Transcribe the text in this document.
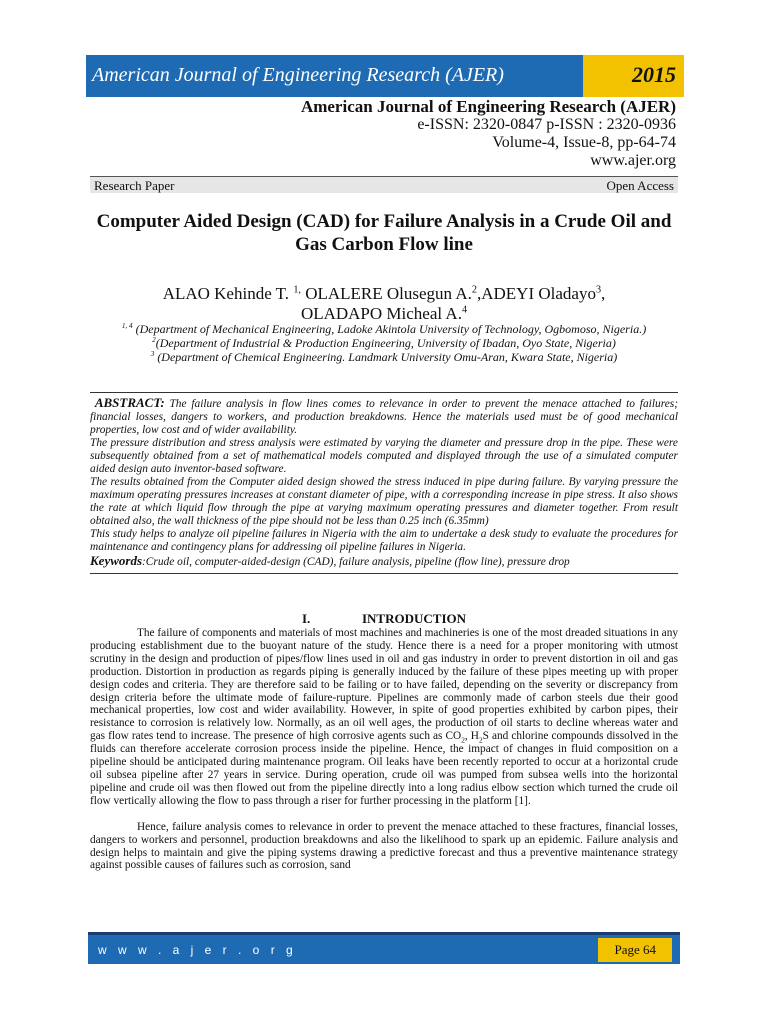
American Journal of Engineering Research (AJER)	2015
American Journal of Engineering Research (AJER)
e-ISSN: 2320-0847 p-ISSN : 2320-0936
Volume-4, Issue-8, pp-64-74
www.ajer.org
Research Paper	Open Access
Computer Aided Design (CAD) for Failure Analysis in a Crude Oil and Gas Carbon Flow line
ALAO Kehinde T. $^{1,}$ OLALERE Olusegun A.$^2$,ADEYI Oladayo$^3$,
OLADAPO Micheal A.$^4$
$^{1, 4}$ (Department of Mechanical Engineering, Ladoke Akintola University of Technology, Ogbomoso, Nigeria.)
$^2$(Department of Industrial & Production Engineering, University of Ibadan, Oyo State, Nigeria)
$^3$ (Department of Chemical Engineering. Landmark University Omu-Aran, Kwara State, Nigeria)

ABSTRACT: The failure analysis in flow lines comes to relevance in order to prevent the menace attached to failures; financial losses, dangers to workers, and production breakdowns. Hence the materials used must be of good mechanical properties, low cost and of wider availability.

The pressure distribution and stress analysis were estimated by varying the diameter and pressure drop in the pipe. These were subsequently obtained from a set of mathematical models computed and displayed through the use of a simulated computer aided design auto inventor-based software.

The results obtained from the Computer aided design showed the stress induced in pipe during failure. By varying pressure the maximum operating pressures increases at constant diameter of pipe, with a corresponding increase in pipe stress. It also shows the rate at which liquid flow through the pipe at varying maximum operating pressures and diameter together. From result obtained also, the wall thickness of the pipe should not be less than 0.25 inch (6.35mm)

This study helps to analyze oil pipeline failures in Nigeria with the aim to undertake a desk study to evaluate the procedures for maintenance and contingency plans for addressing oil pipeline failures in Nigeria.

Keywords:Crude oil, computer-aided-design (CAD), failure analysis, pipeline (flow line), pressure drop

I.	INTRODUCTION

The failure of components and materials of most machines and machineries is one of the most dreaded situations in any producing establishment due to the buoyant nature of the study. Hence there is a need for a proper monitoring with utmost scrutiny in the design and production of pipes/flow lines used in oil and gas industry in order to prevent distortion in oil and gas production. Distortion in production as regards piping is generally induced by the failure of these pipes meeting up with proper design codes and criteria. They are therefore said to be failing or to have failed, depending on the severity or discrepancy from design criteria before the ultimate mode of failure-rupture. Pipelines are commonly made of carbon steels due their good mechanical properties, low cost and wider availability. However, in spite of good properties exhibited by carbon pipes, their resistance to corrosion is relatively low. Normally, as an oil well ages, the production of oil starts to decline whereas water and gas flow rates tend to increase. The presence of high corrosive agents such as $CO_2$, $H_2S$ and chlorine compounds dissolved in the fluids can therefore accelerate corrosion process inside the pipeline. Hence, the impact of changes in fluid composition on a pipeline should be anticipated during maintenance program. Oil leaks have been recently reported to occur at a horizontal crude oil subsea pipeline after 27 years in service. During operation, crude oil was pumped from subsea wells into the horizontal pipeline and crude oil was then flowed out from the pipeline directly into a long radius elbow section which turned the crude oil flow vertically allowing the flow to pass through a riser for further processing in the platform [1].

Hence, failure analysis comes to relevance in order to prevent the menace attached to these fractures, financial losses, dangers to workers and personnel, production breakdowns and also the likelihood to spark up an epidemic. Failure analysis and design helps to maintain and give the piping systems drawing a predictive forecast and thus a preventive maintenance strategy against possible causes of failures such as corrosion, sand

w w w . a j e r . o r g	Page 64
